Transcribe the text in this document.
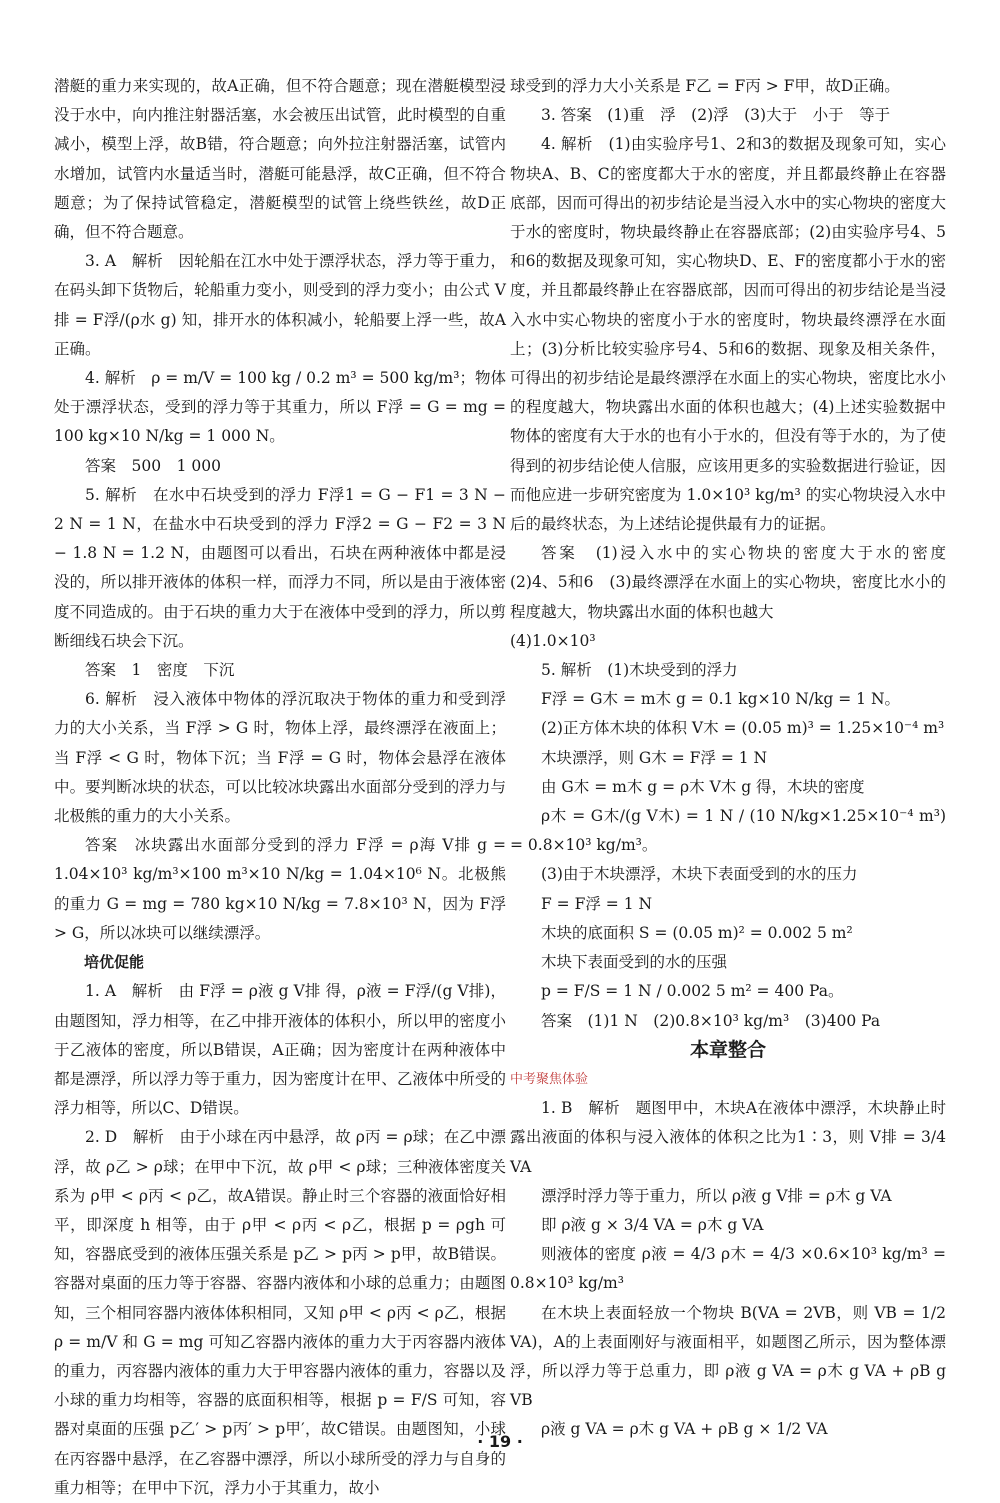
潜艇的重力来实现的，故A正确，但不符合题意；现在潜艇模型浸没于水中，向内推注射器活塞，水会被压出试管，此时模型的自重减小，模型上浮，故B错，符合题意；向外拉注射器活塞，试管内水增加，试管内水量适当时，潜艇可能悬浮，故C正确，但不符合题意；为了保持试管稳定，潜艇模型的试管上绕些铁丝，故D正确，但不符合题意。

3. A　解析　因轮船在江水中处于漂浮状态，浮力等于重力，在码头卸下货物后，轮船重力变小，则受到的浮力变小；由公式 V排 = F浮/(ρ水 g) 知，排开水的体积减小，轮船要上浮一些，故A正确。

4. 解析　ρ = m/V = 100 kg / 0.2 m³ = 500 kg/m³；物体处于漂浮状态，受到的浮力等于其重力，所以 F浮 = G = mg = 100 kg×10 N/kg = 1 000 N。

答案　500　1 000

5. 解析　在水中石块受到的浮力 F浮1 = G − F1 = 3 N − 2 N = 1 N，在盐水中石块受到的浮力 F浮2 = G − F2 = 3 N − 1.8 N = 1.2 N，由题图可以看出，石块在两种液体中都是浸没的，所以排开液体的体积一样，而浮力不同，所以是由于液体密度不同造成的。由于石块的重力大于在液体中受到的浮力，所以剪断细线石块会下沉。

答案　1　密度　下沉

6. 解析　浸入液体中物体的浮沉取决于物体的重力和受到浮力的大小关系，当 F浮 > G 时，物体上浮，最终漂浮在液面上；当 F浮 < G 时，物体下沉；当 F浮 = G 时，物体会悬浮在液体中。要判断冰块的状态，可以比较冰块露出水面部分受到的浮力与北极熊的重力的大小关系。

答案　冰块露出水面部分受到的浮力 F浮 = ρ海 V排 g = 1.04×10³ kg/m³×100 m³×10 N/kg = 1.04×10⁶ N。北极熊的重力 G = mg = 780 kg×10 N/kg = 7.8×10³ N，因为 F浮 > G，所以冰块可以继续漂浮。

培优促能

1. A　解析　由 F浮 = ρ液 g V排 得，ρ液 = F浮/(g V排)，由题图知，浮力相等，在乙中排开液体的体积小，所以甲的密度小于乙液体的密度，所以B错误，A正确；因为密度计在两种液体中都是漂浮，所以浮力等于重力，因为密度计在甲、乙液体中所受的浮力相等，所以C、D错误。

2. D　解析　由于小球在丙中悬浮，故 ρ丙 = ρ球；在乙中漂浮，故 ρ乙 > ρ球；在甲中下沉，故 ρ甲 < ρ球；三种液体密度关系为 ρ甲 < ρ丙 < ρ乙，故A错误。静止时三个容器的液面恰好相平，即深度 h 相等，由于 ρ甲 < ρ丙 < ρ乙，根据 p = ρgh 可知，容器底受到的液体压强关系是 p乙 > p丙 > p甲，故B错误。容器对桌面的压力等于容器、容器内液体和小球的总重力；由题图知，三个相同容器内液体体积相同，又知 ρ甲 < ρ丙 < ρ乙，根据 ρ = m/V 和 G = mg 可知乙容器内液体的重力大于丙容器内液体的重力，丙容器内液体的重力大于甲容器内液体的重力，容器以及小球的重力均相等，容器的底面积相等，根据 p = F/S 可知，容器对桌面的压强 p乙′ > p丙′ > p甲′，故C错误。由题图知，小球在丙容器中悬浮，在乙容器中漂浮，所以小球所受的浮力与自身的重力相等；在甲中下沉，浮力小于其重力，故小

球受到的浮力大小关系是 F乙 = F丙 > F甲，故D正确。

3. 答案　(1)重　浮　(2)浮　(3)大于　小于　等于

4. 解析　(1)由实验序号1、2和3的数据及现象可知，实心物块A、B、C的密度都大于水的密度，并且都最终静止在容器底部，因而可得出的初步结论是当浸入水中的实心物块的密度大于水的密度时，物块最终静止在容器底部；(2)由实验序号4、5和6的数据及现象可知，实心物块D、E、F的密度都小于水的密度，并且都最终静止在容器底部，因而可得出的初步结论是当浸入水中实心物块的密度小于水的密度时，物块最终漂浮在水面上；(3)分析比较实验序号4、5和6的数据、现象及相关条件，可得出的初步结论是最终漂浮在水面上的实心物块，密度比水小的程度越大，物块露出水面的体积也越大；(4)上述实验数据中物体的密度有大于水的也有小于水的，但没有等于水的，为了使得到的初步结论使人信服，应该用更多的实验数据进行验证，因而他应进一步研究密度为 1.0×10³ kg/m³ 的实心物块浸入水中后的最终状态，为上述结论提供最有力的证据。

答案　(1)浸入水中的实心物块的密度大于水的密度　(2)4、5和6　(3)最终漂浮在水面上的实心物块，密度比水小的程度越大，物块露出水面的体积也越大

(4)1.0×10³

5. 解析　(1)木块受到的浮力

F浮 = G木 = m木 g = 0.1 kg×10 N/kg = 1 N。

(2)正方体木块的体积 V木 = (0.05 m)³ = 1.25×10⁻⁴ m³

木块漂浮，则 G木 = F浮 = 1 N

由 G木 = m木 g = ρ木 V木 g 得，木块的密度

ρ木 = G木/(g V木) = 1 N / (10 N/kg×1.25×10⁻⁴ m³) = 0.8×10³ kg/m³。

(3)由于木块漂浮，木块下表面受到的水的压力

F = F浮 = 1 N

木块的底面积 S = (0.05 m)² = 0.002 5 m²

木块下表面受到的水的压强

p = F/S = 1 N / 0.002 5 m² = 400 Pa。

答案　(1)1 N　(2)0.8×10³ kg/m³　(3)400 Pa

本章整合

中考聚焦体验

1. B　解析　题图甲中，木块A在液体中漂浮，木块静止时露出液面的体积与浸入液体的体积之比为1∶3，则 V排 = 3/4 VA

漂浮时浮力等于重力，所以 ρ液 g V排 = ρ木 g VA

即 ρ液 g × 3/4 VA = ρ木 g VA

则液体的密度 ρ液 = 4/3 ρ木 = 4/3 ×0.6×10³ kg/m³ = 0.8×10³ kg/m³

在木块上表面轻放一个物块 B(VA = 2VB，则 VB = 1/2 VA)，A的上表面刚好与液面相平，如题图乙所示，因为整体漂浮，所以浮力等于总重力，即 ρ液 g VA = ρ木 g VA + ρB g VB

ρ液 g VA = ρ木 g VA + ρB g × 1/2 VA

· 19 ·
